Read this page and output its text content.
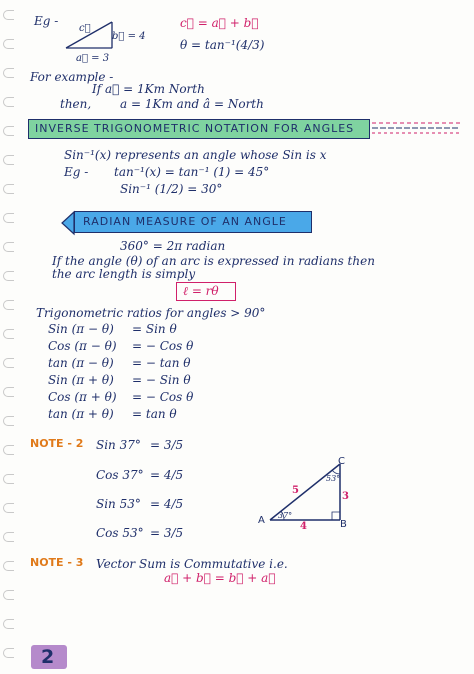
Eg -
c⃗
b⃗ = 4
a⃗ = 3
c⃗ = a⃗ + b⃗
θ = tan⁻¹(4/3)
For example -
If a⃗ = 1Km North
then, a = 1Km and â = North
INVERSE TRIGONOMETRIC NOTATION FOR ANGLES
Sin⁻¹(x) represents an angle whose Sin is x
Eg - tan⁻¹(x) = tan⁻¹ (1) = 45°
Sin⁻¹ (1/2) = 30°
RADIAN MEASURE OF AN ANGLE
360° = 2π radian
If the angle (θ) of an arc is expressed in radians then
the arc length is simply
ℓ = rθ
Trigonometric ratios for angles > 90°
Sin (π − θ) = Sin θ
Cos (π − θ) = − Cos θ
tan (π − θ) = − tan θ
Sin (π + θ) = − Sin θ
Cos (π + θ) = − Cos θ
tan (π + θ) = tan θ
NOTE - 2 Sin 37° = 3/5
Cos 37° = 4/5
Sin 53° = 4/5
Cos 53° = 3/5
A	B
C
5
3
4
37°
53°
NOTE - 3 Vector Sum is Commutative i.e.
a⃗ + b⃗ = b⃗ + a⃗
2
